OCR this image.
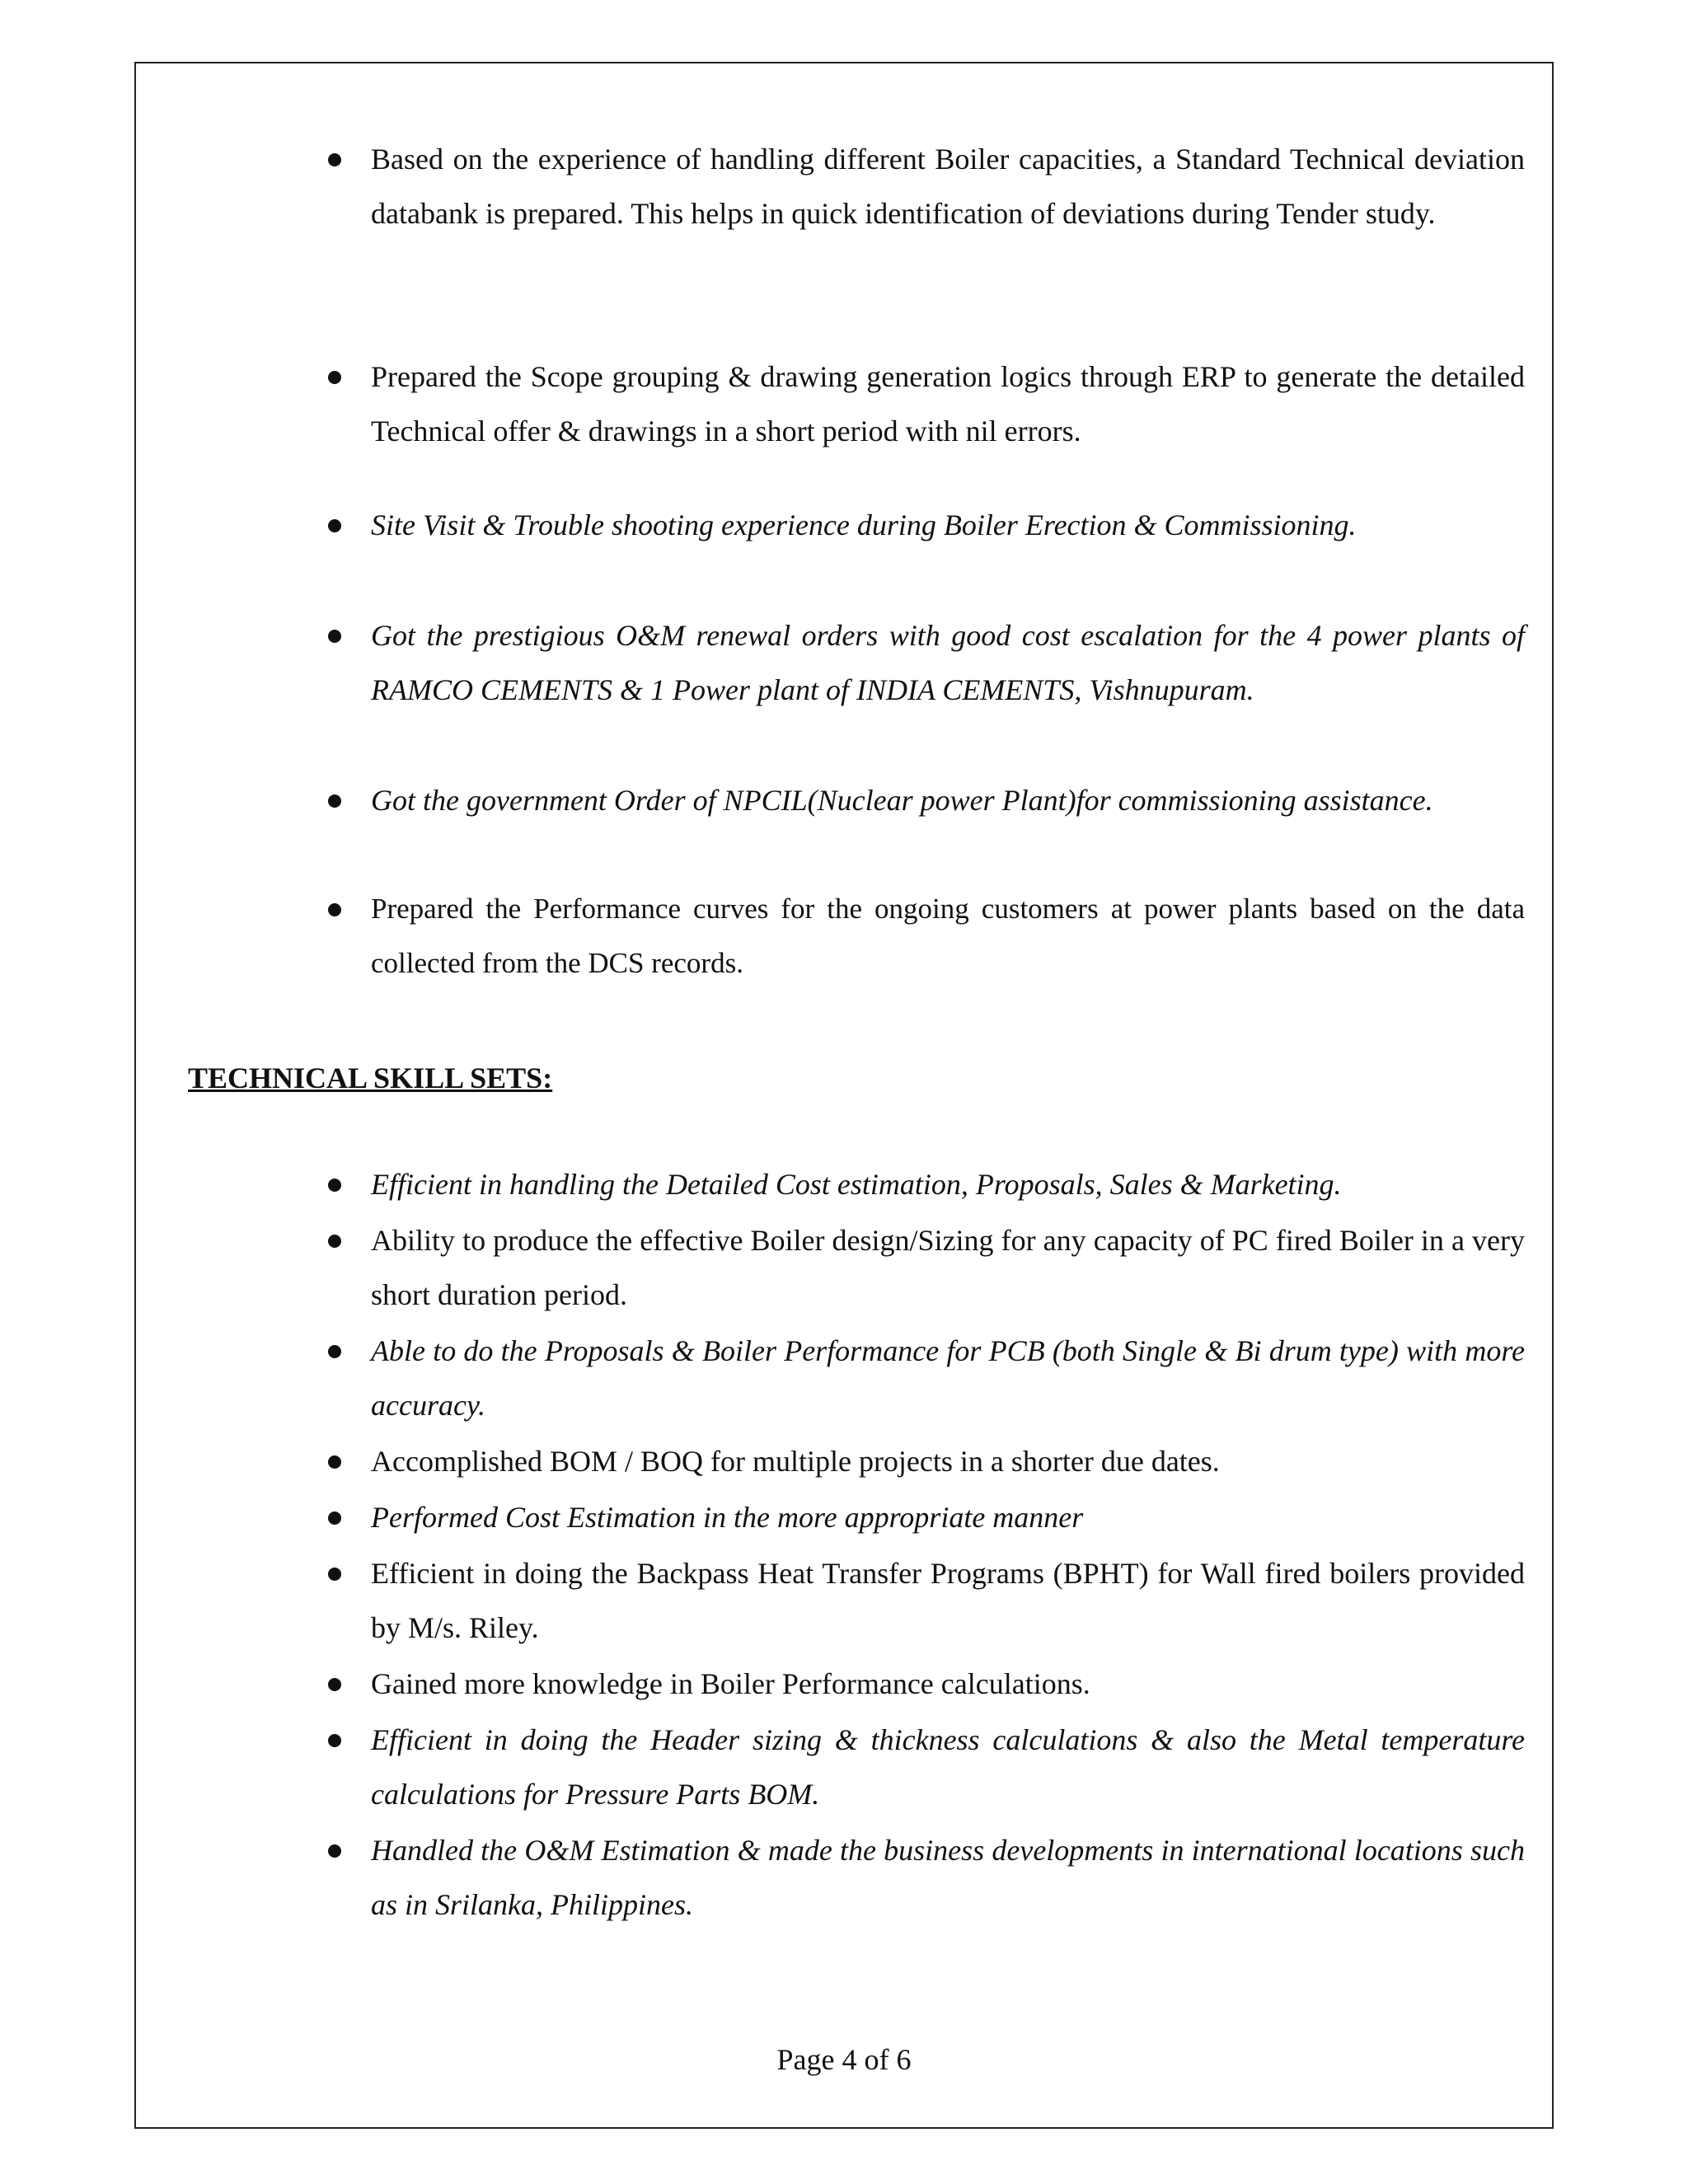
Based on the experience of handling different Boiler capacities, a Standard Technical deviation databank is prepared. This helps in quick identification of deviations during Tender study.
Prepared the Scope grouping & drawing generation logics through ERP to generate the detailed Technical offer & drawings in a short period with nil errors.
Site Visit & Trouble shooting experience during Boiler Erection & Commissioning.
Got the prestigious O&M renewal orders with good cost escalation for the 4 power plants of RAMCO CEMENTS & 1 Power plant of INDIA CEMENTS, Vishnupuram.
Got the government Order of NPCIL(Nuclear power Plant)for commissioning assistance.
Prepared the Performance curves for the ongoing customers at power plants based on the data collected from the DCS records.
TECHNICAL SKILL SETS:
Efficient in handling the Detailed Cost estimation, Proposals, Sales & Marketing.
Ability to produce the effective Boiler design/Sizing for any capacity of PC fired Boiler in a very short duration period.
Able to do the Proposals & Boiler Performance for PCB (both Single & Bi drum type) with more accuracy.
Accomplished BOM / BOQ for multiple projects in a shorter due dates.
Performed Cost Estimation in the more appropriate manner
Efficient in doing the Backpass Heat Transfer Programs (BPHT) for Wall fired boilers provided by M/s. Riley.
Gained more knowledge in Boiler Performance calculations.
Efficient in doing the Header sizing & thickness calculations & also the Metal temperature calculations for Pressure Parts BOM.
Handled the O&M Estimation & made the business developments in international locations such as in Srilanka, Philippines.
Page 4 of 6
